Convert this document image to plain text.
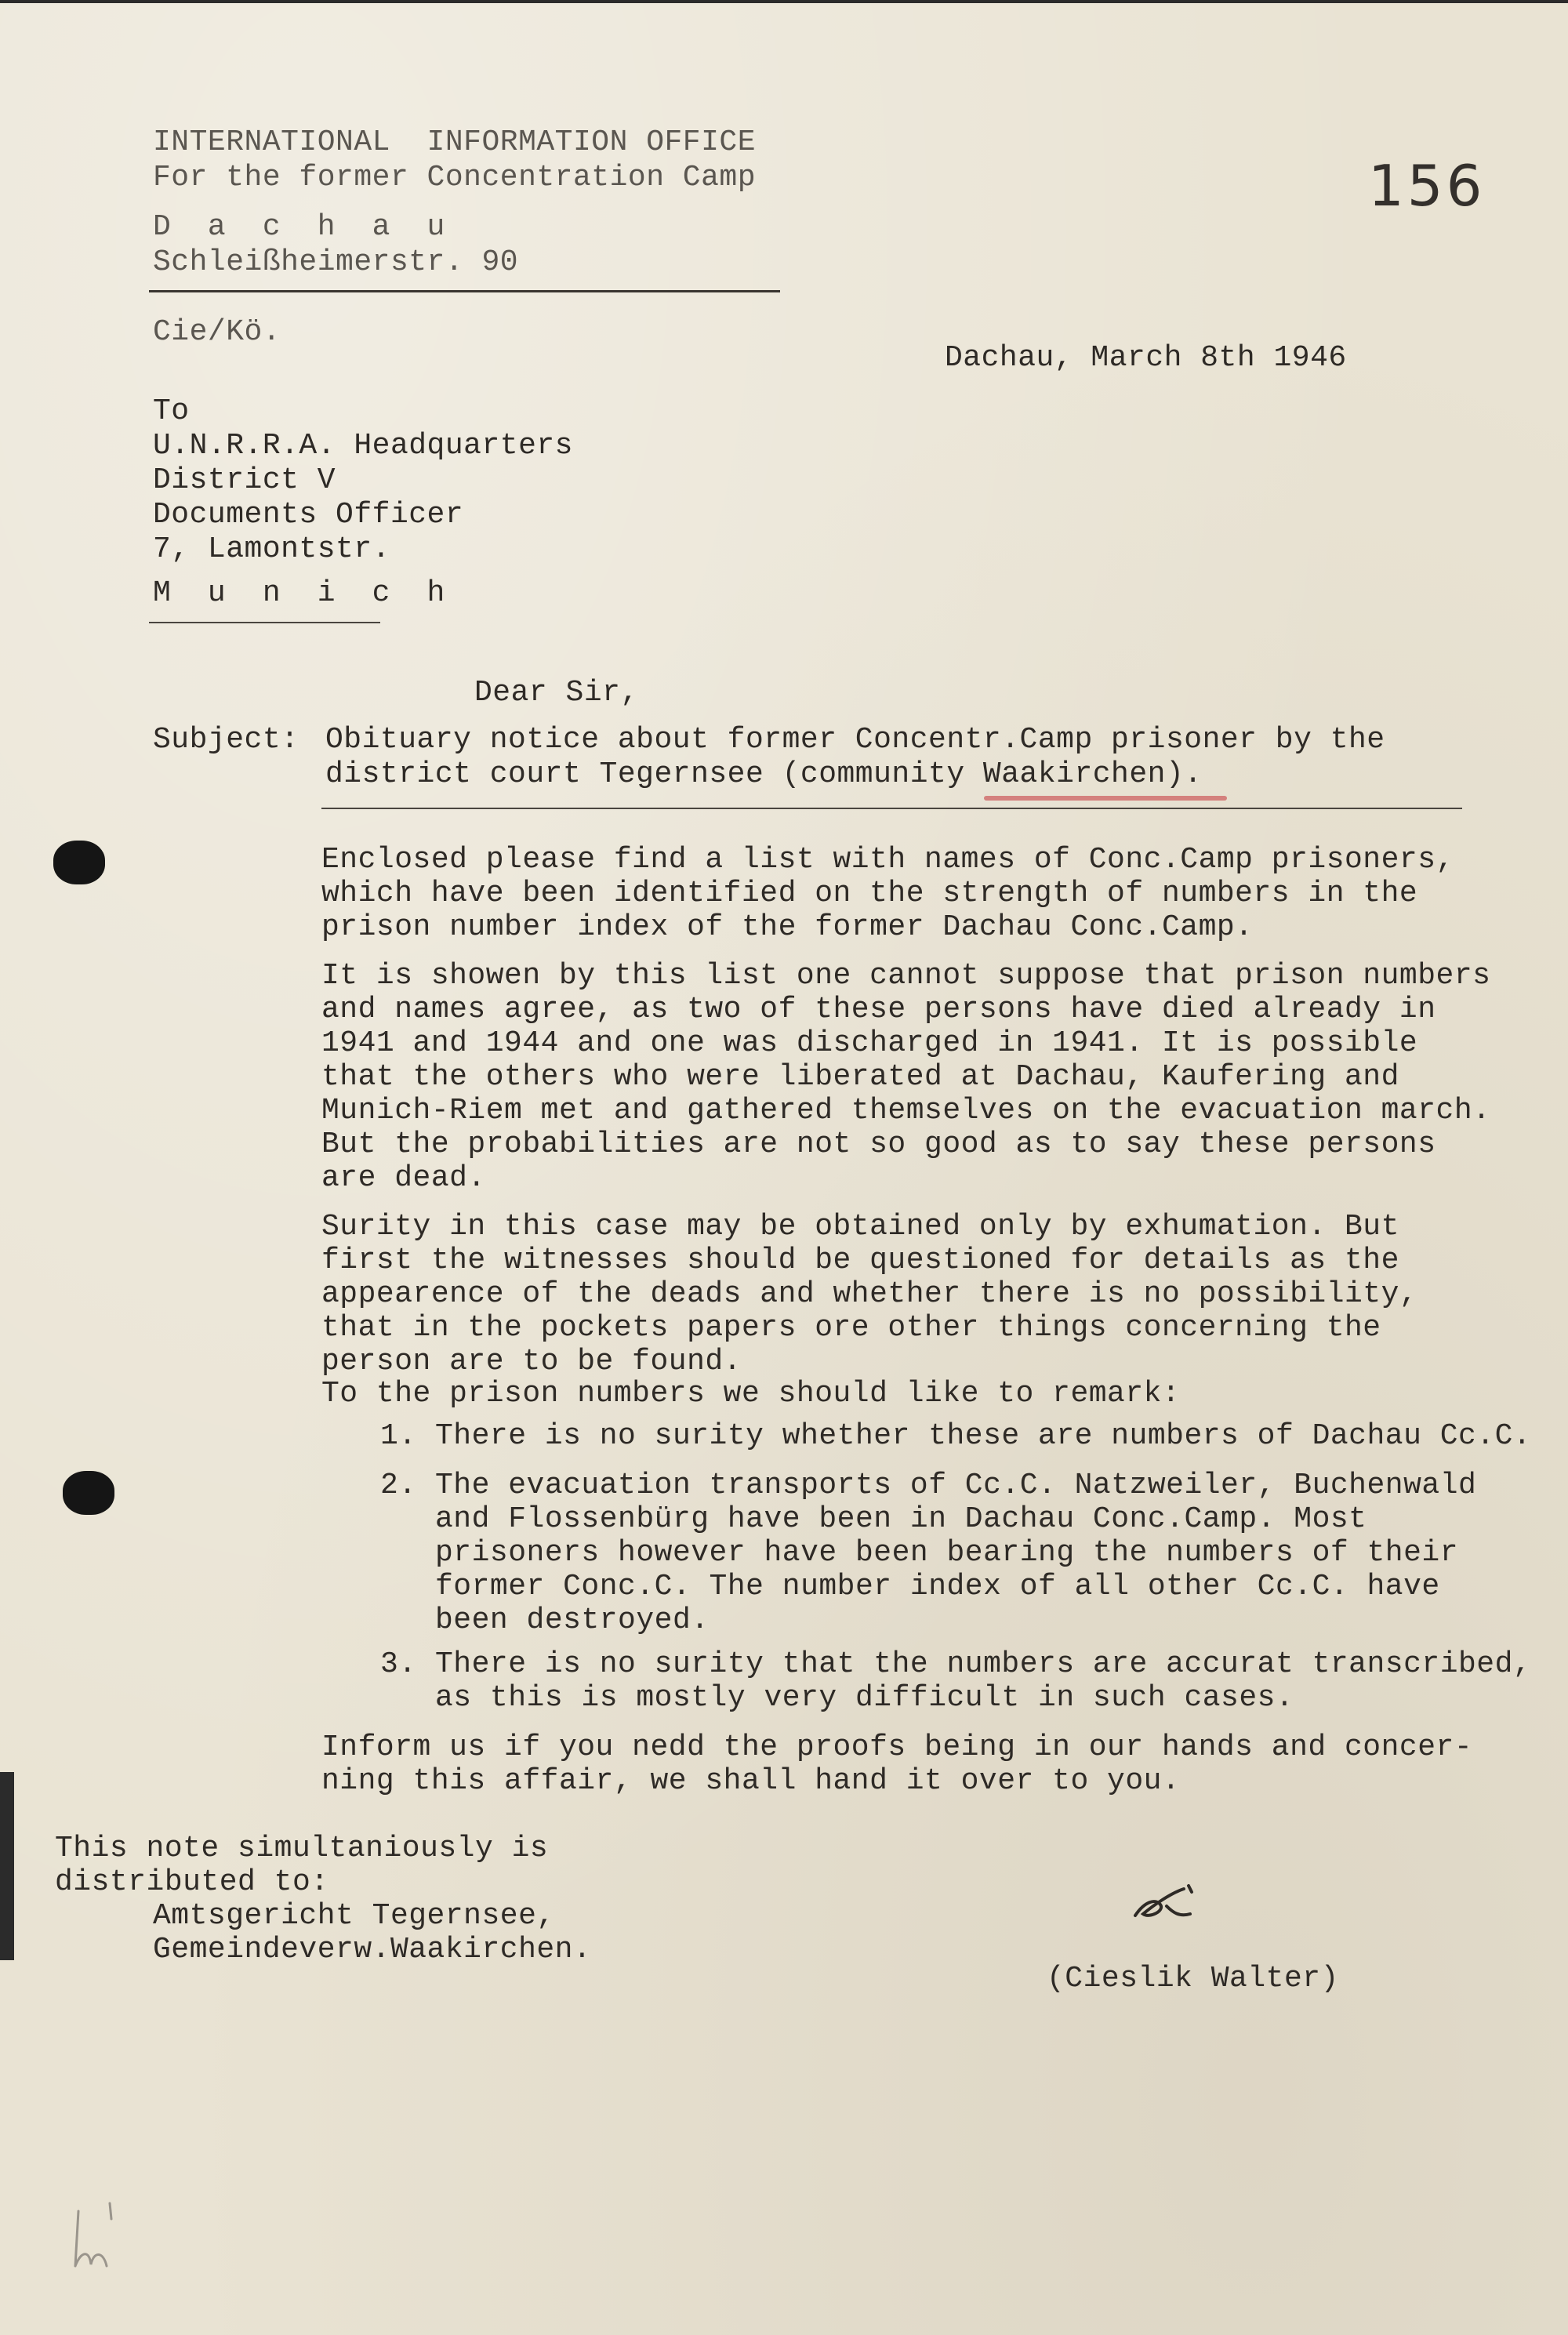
INTERNATIONAL  INFORMATION OFFICE
For the former Concentration Camp
D  a  c  h  a  u
Schleißheimerstr. 90
156
Cie/Kö.
Dachau, March 8th 1946
To
U.N.R.R.A. Headquarters
District V
Documents Officer
7, Lamontstr.
M  u  n  i  c  h
Dear Sir,
Subject: Obituary notice about former Concentr.Camp prisoner by the
district court Tegernsee (community Waakirchen).
Enclosed please find a list with names of Conc.Camp prisoners,
which have been identified on the strength of numbers in the
prison number index of the former Dachau Conc.Camp.
It is showen by this list one cannot suppose that prison numbers
and names agree, as two of these persons have died already in
1941 and 1944 and one was discharged in 1941. It is possible
that the others who were liberated at Dachau, Kaufering and
Munich-Riem met and gathered themselves on the evacuation march.
But the probabilities are not so good as to say these persons
are dead.
Surity in this case may be obtained only by exhumation. But
first the witnesses should be questioned for details as the
appearence of the deads and whether there is no possibility,
that in the pockets papers ore other things concerning the
person are to be found.
To the prison numbers we should like to remark:
1. There is no surity whether these are numbers of Dachau Cc.C.
2. The evacuation transports of Cc.C. Natzweiler, Buchenwald
and Flossenbürg have been in Dachau Conc.Camp. Most
prisoners however have been bearing the numbers of their
former Conc.C. The number index of all other Cc.C. have
been destroyed.
3. There is no surity that the numbers are accurat transcribed,
as this is mostly very difficult in such cases.
Inform us if you nedd the proofs being in our hands and concer-
ning this affair, we shall hand it over to you.
This note simultaniously is
distributed to:
Amtsgericht Tegernsee,
Gemeindeverw.Waakirchen.
(Cieslik Walter)
